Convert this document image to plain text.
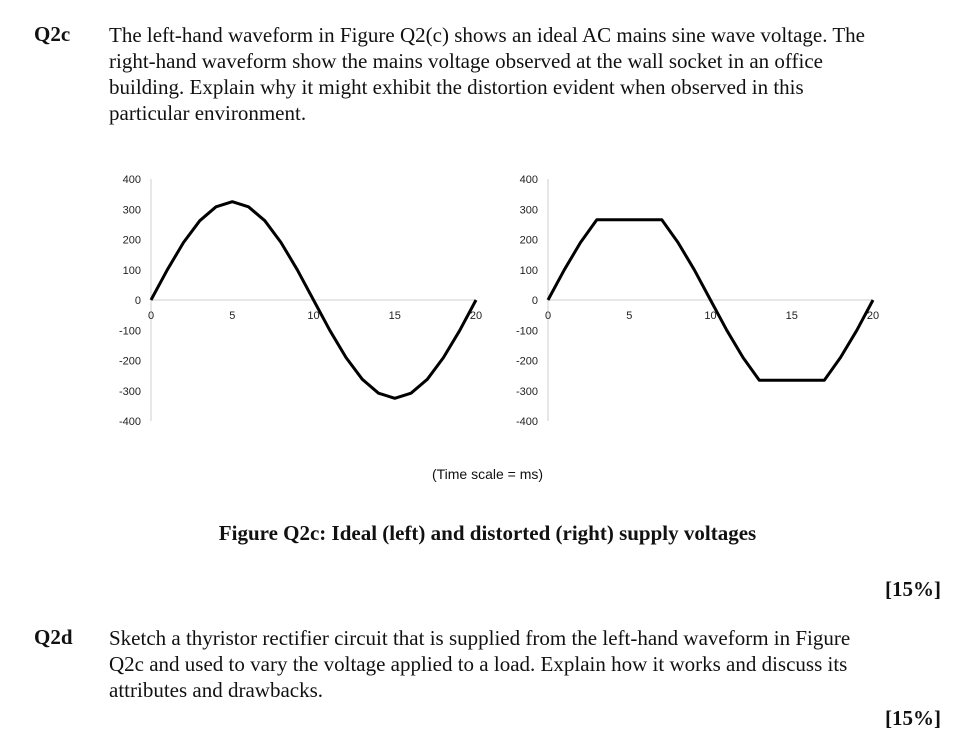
Q2c The left-hand waveform in Figure Q2(c) shows an ideal AC mains sine wave voltage. The
right-hand waveform show the mains voltage observed at the wall socket in an office
building. Explain why it might exhibit the distortion evident when observed in this
particular environment.
400
300
200
100
0
-100
-200
-300
-400
0	5	10	15	20
400
300
200
100
0
-100
-200
-300
-400
0	5	10	15	20
(Time scale = ms)
Figure Q2c: Ideal (left) and distorted (right) supply voltages
[15%]
Q2d Sketch a thyristor rectifier circuit that is supplied from the left-hand waveform in Figure
Q2c and used to vary the voltage applied to a load. Explain how it works and discuss its
attributes and drawbacks.
[15%]
